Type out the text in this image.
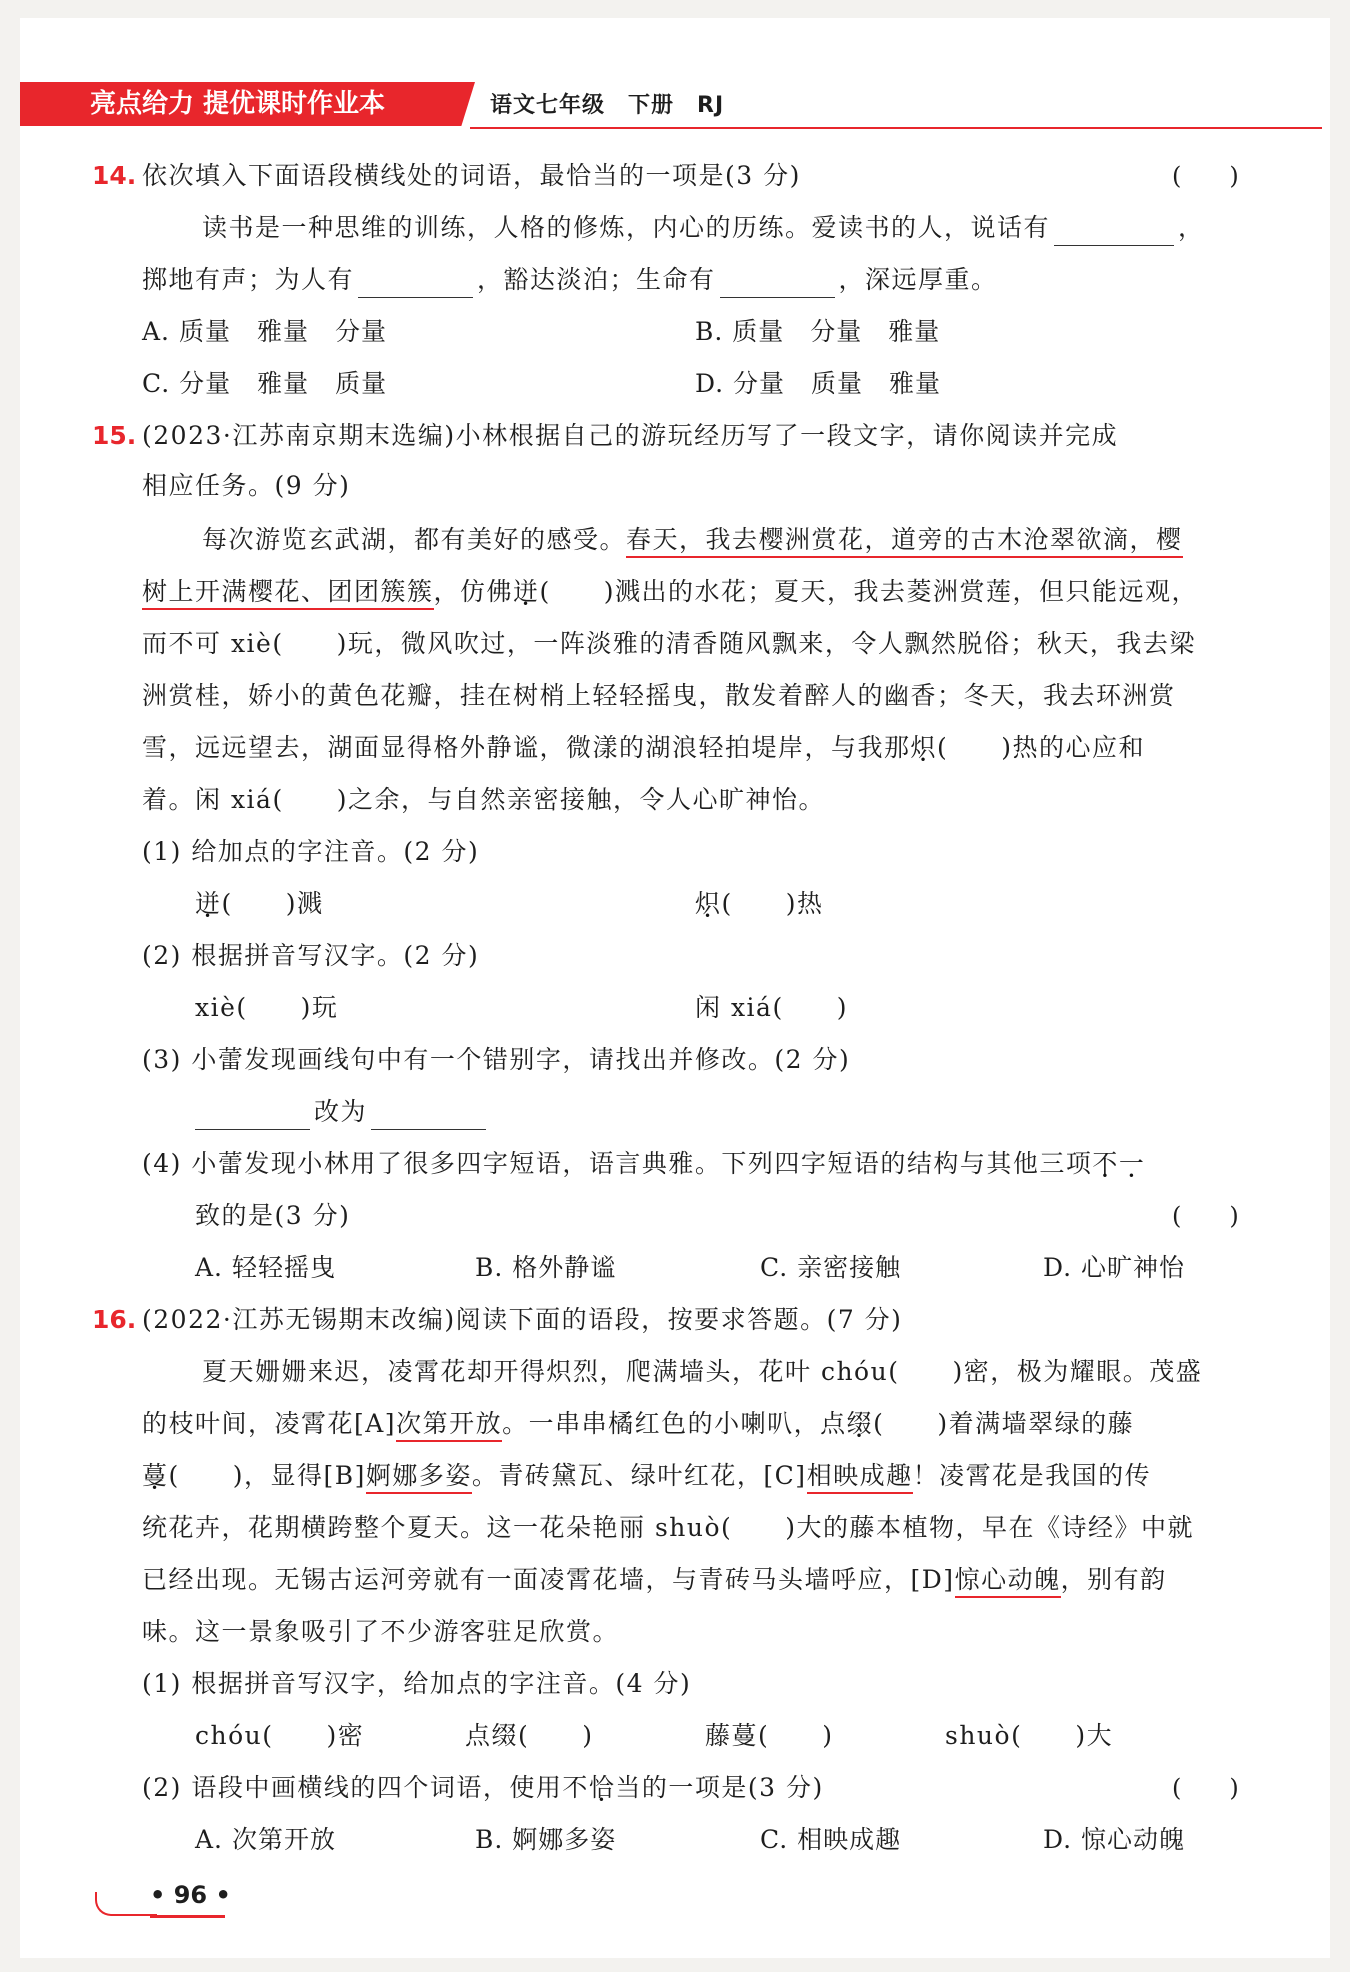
亮点给力 提优课时作业本	语文七年级　下册　RJ
14. 依次填入下面语段横线处的词语，最恰当的一项是(3 分)	(　　)
读书是一种思维的训练，人格的修炼，内心的历练。爱读书的人，说话有	，
掷地有声；为人有	，豁达淡泊；生命有	，深远厚重。
A. 质量　雅量　分量	B. 质量　分量　雅量
C. 分量　雅量　质量	D. 分量　质量　雅量
15. (2023·江苏南京期末选编)小林根据自己的游玩经历写了一段文字，请你阅读并完成
相应任务。(9 分)
每次游览玄武湖，都有美好的感受。春天，我去樱洲赏花，道旁的古木沧翠欲滴，樱
树上开满樱花、团团簇簇，仿佛迸(　　)溅出的水花；夏天，我去菱洲赏莲，但只能远观，
而不可 xiè(　　)玩，微风吹过，一阵淡雅的清香随风飘来，令人飘然脱俗；秋天，我去梁
洲赏桂，娇小的黄色花瓣，挂在树梢上轻轻摇曳，散发着醉人的幽香；冬天，我去环洲赏
雪，远远望去，湖面显得格外静谧，微漾的湖浪轻拍堤岸，与我那炽(　　)热的心应和
着。闲 xiá(　　)之余，与自然亲密接触，令人心旷神怡。
(1) 给加点的字注音。(2 分)
迸(　　)溅	炽(　　)热
(2) 根据拼音写汉字。(2 分)
xiè(　　)玩	闲 xiá(　　)
(3) 小蕾发现画线句中有一个错别字，请找出并修改。(2 分)
改为
(4) 小蕾发现小林用了很多四字短语，语言典雅。下列四字短语的结构与其他三项不一
致的是(3 分)	(　　)
A. 轻轻摇曳	B. 格外静谧	C. 亲密接触	D. 心旷神怡
16. (2022·江苏无锡期末改编)阅读下面的语段，按要求答题。(7 分)
夏天姗姗来迟，凌霄花却开得炽烈，爬满墙头，花叶 chóu(　　)密，极为耀眼。茂盛
的枝叶间，凌霄花[A]次第开放。一串串橘红色的小喇叭，点缀(　　)着满墙翠绿的藤
蔓(　　)，显得[B]婀娜多姿。青砖黛瓦、绿叶红花，[C]相映成趣！凌霄花是我国的传
统花卉，花期横跨整个夏天。这一花朵艳丽 shuò(　　)大的藤本植物，早在《诗经》中就
已经出现。无锡古运河旁就有一面凌霄花墙，与青砖马头墙呼应，[D]惊心动魄，别有韵
味。这一景象吸引了不少游客驻足欣赏。
(1) 根据拼音写汉字，给加点的字注音。(4 分)
chóu(　　)密	点缀(　　)	藤蔓(　　)	shuò(　　)大
(2) 语段中画横线的四个词语，使用不恰当的一项是(3 分)	(　　)
A. 次第开放	B. 婀娜多姿	C. 相映成趣	D. 惊心动魄
• 96 •
